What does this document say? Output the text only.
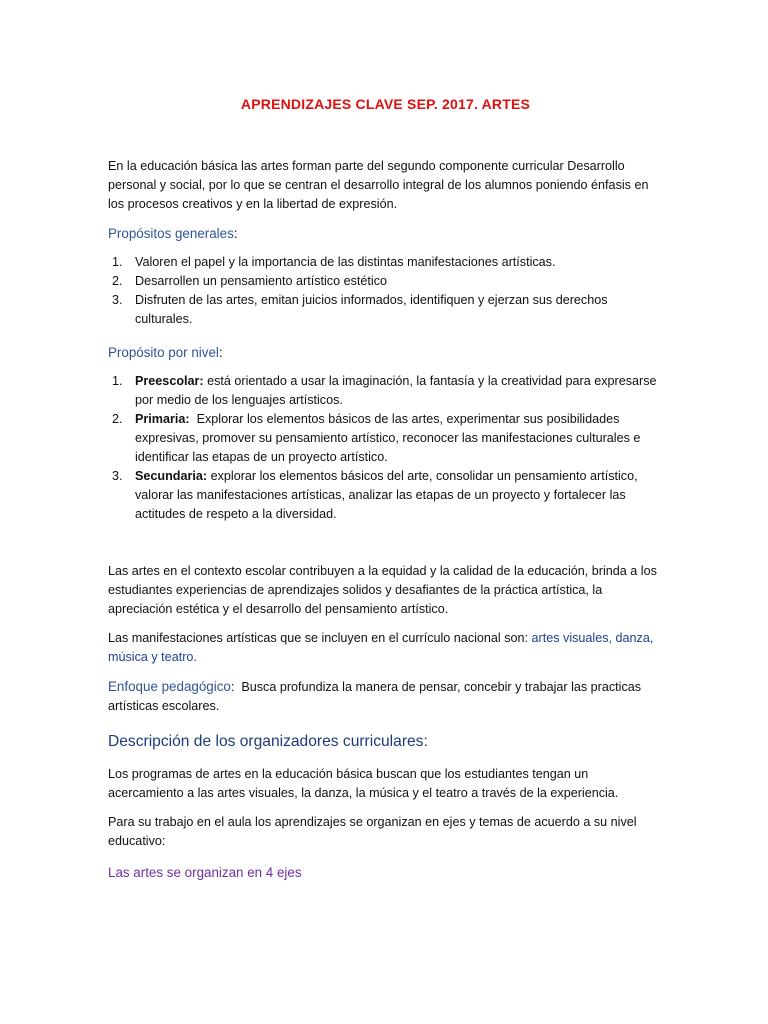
APRENDIZAJES CLAVE SEP. 2017. ARTES

En la educación básica las artes forman parte del segundo componente curricular Desarrollo personal y social, por lo que se centran el desarrollo integral de los alumnos poniendo énfasis en los procesos creativos y en la libertad de expresión.

Propósitos generales:
1. Valoren el papel y la importancia de las distintas manifestaciones artísticas.
2. Desarrollen un pensamiento artístico estético
3. Disfruten de las artes, emitan juicios informados, identifiquen y ejerzan sus derechos culturales.
Propósito por nivel:
1. Preescolar: está orientado a usar la imaginación, la fantasía y la creatividad para expresarse por medio de los lenguajes artísticos.
2. Primaria:  Explorar los elementos básicos de las artes, experimentar sus posibilidades expresivas, promover su pensamiento artístico, reconocer las manifestaciones culturales e identificar las etapas de un proyecto artístico.
3. Secundaria: explorar los elementos básicos del arte, consolidar un pensamiento artístico, valorar las manifestaciones artísticas, analizar las etapas de un proyecto y fortalecer las actitudes de respeto a la diversidad.

Las artes en el contexto escolar contribuyen a la equidad y la calidad de la educación, brinda a los estudiantes experiencias de aprendizajes solidos y desafiantes de la práctica artística, la apreciación estética y el desarrollo del pensamiento artístico.

Las manifestaciones artísticas que se incluyen en el currículo nacional son: artes visuales, danza, música y teatro.

Enfoque pedagógico:  Busca profundiza la manera de pensar, concebir y trabajar las practicas artísticas escolares.

Descripción de los organizadores curriculares:

Los programas de artes en la educación básica buscan que los estudiantes tengan un acercamiento a las artes visuales, la danza, la música y el teatro a través de la experiencia.

Para su trabajo en el aula los aprendizajes se organizan en ejes y temas de acuerdo a su nivel educativo:

Las artes se organizan en 4 ejes
